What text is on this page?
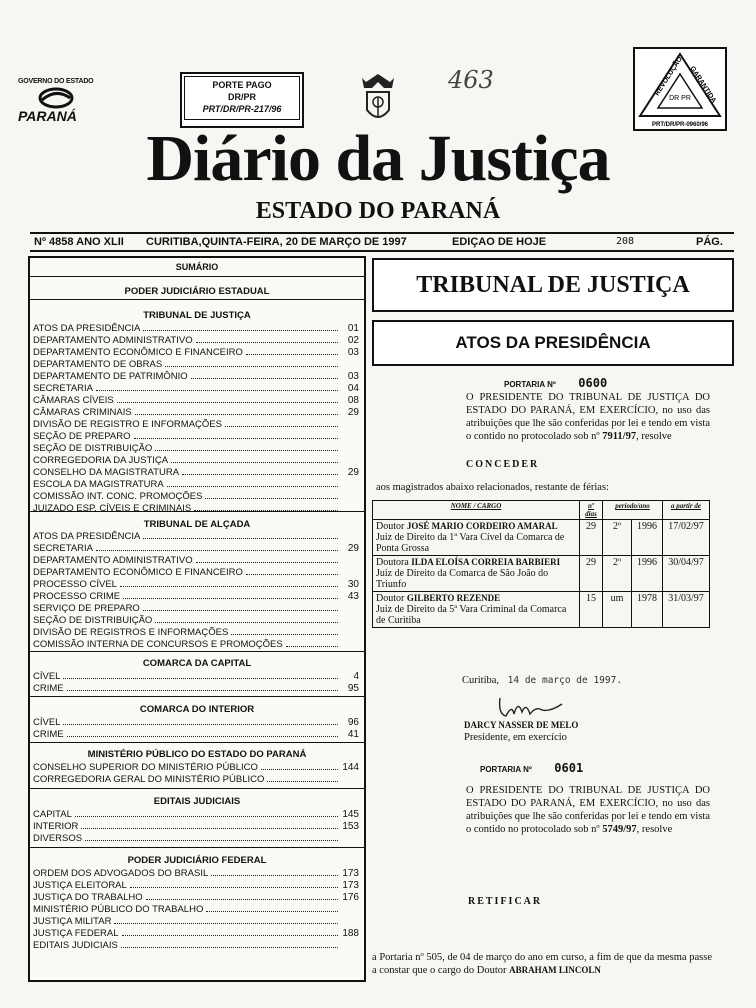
GOVERNO DO ESTADO
PARANÁ
PORTE PAGO
DR/PR
PRT/DR/PR-217/96
463	REVOLUÇÃO GARANTIDA
DR PR
PRT/DR/PR-0960/96
Diário da Justiça
ESTADO DO PARANÁ
Nº 4858 ANO XLII CURITIBA,QUINTA-FEIRA, 20 DE MARÇO DE 1997	EDIÇAO DE HOJE	208	PÁG.
SUMÁRIO
PODER JUDICIÁRIO ESTADUAL
TRIBUNAL DE JUSTIÇA
ATOS DA PRESIDÊNCIA	01
DEPARTAMENTO ADMINISTRATIVO	02
DEPARTAMENTO ECONÔMICO E FINANCEIRO	03
DEPARTAMENTO DE OBRAS
DEPARTAMENTO DE PATRIMÔNIO	03
SECRETARIA	04
CÂMARAS CÍVEIS	08
CÂMARAS CRIMINAIS	29
DIVISÃO DE REGISTRO E INFORMAÇÕES
SEÇÃO DE PREPARO
SEÇÃO DE DISTRIBUIÇÃO
CORREGEDORIA DA JUSTIÇA
CONSELHO DA MAGISTRATURA	29
ESCOLA DA MAGISTRATURA
COMISSÃO INT. CONC. PROMOÇÕES
JUIZADO ESP. CÍVEIS E CRIMINAIS
TRIBUNAL DE ALÇADA
ATOS DA PRESIDÊNCIA
SECRETARIA	29
DEPARTAMENTO ADMINISTRATIVO
DEPARTAMENTO ECONÔMICO E FINANCEIRO
PROCESSO CÍVEL	30
PROCESSO CRIME	43
SERVIÇO DE PREPARO
SEÇÃO DE DISTRIBUIÇÃO
DIVISÃO DE REGISTROS E INFORMAÇÕES
COMISSÃO INTERNA DE CONCURSOS E PROMOÇÕES
COMARCA DA CAPITAL
CÍVEL	4
CRIME	95
COMARCA DO INTERIOR
CÍVEL	96
CRIME	41
MINISTÉRIO PÚBLICO DO ESTADO DO PARANÁ
CONSELHO SUPERIOR DO MINISTÉRIO PÚBLICO	144
CORREGEDORIA GERAL DO MINISTÉRIO PÚBLICO
EDITAIS JUDICIAIS
CAPITAL	145
INTERIOR	153
DIVERSOS
PODER JUDICIÁRIO FEDERAL
ORDEM DOS ADVOGADOS DO BRASIL	173
JUSTIÇA ELEITORAL	173
JUSTIÇA DO TRABALHO	176
MINISTÉRIO PÚBLICO DO TRABALHO
JUSTIÇA MILITAR
JUSTIÇA FEDERAL	188
EDITAIS JUDICIAIS
TRIBUNAL DE JUSTIÇA
ATOS DA PRESIDÊNCIA
PORTARIA Nº 0600
O PRESIDENTE DO TRIBUNAL DE JUSTIÇA DO ESTADO DO PARANÁ, EM EXERCÍCIO, no uso das atribuições que lhe são conferidas por lei e tendo em vista o contido no protocolado sob nº 7911/97, resolve
CONCEDER
aos magistrados abaixo relacionados, restante de férias:
NOME / CARGO	nº dias	período/ano		a partir de
Doutor JOSÉ MARIO CORDEIRO AMARAL
Juiz de Direito da 1ª Vara Cível da Comarca de Ponta Grossa	29	2º	1996	17/02/97
Doutora ILDA ELOÍSA CORREIA BARBIERI
Juiz de Direito da Comarca de São João do Triunfo	29	2º	1996	30/04/97
Doutor GILBERTO REZENDE
Juiz de Direito da 5ª Vara Criminal da Comarca de Curitiba	15	um	1978	31/03/97
Curitiba, 14 de março de 1997.
DARCY NASSER DE MELO
Presidente, em exercício
PORTARIA Nº 0601
O PRESIDENTE DO TRIBUNAL DE JUSTIÇA DO ESTADO DO PARANÁ, EM EXERCÍCIO, no uso das atribuições que lhe são conferidas por lei e tendo em vista o contido no protocolado sob nº 5749/97, resolve
RETIFICAR
a Portaria nº 505, de 04 de março do ano em curso, a fim de que da mesma passe a constar que o cargo do Doutor ABRAHAM LINCOLN
